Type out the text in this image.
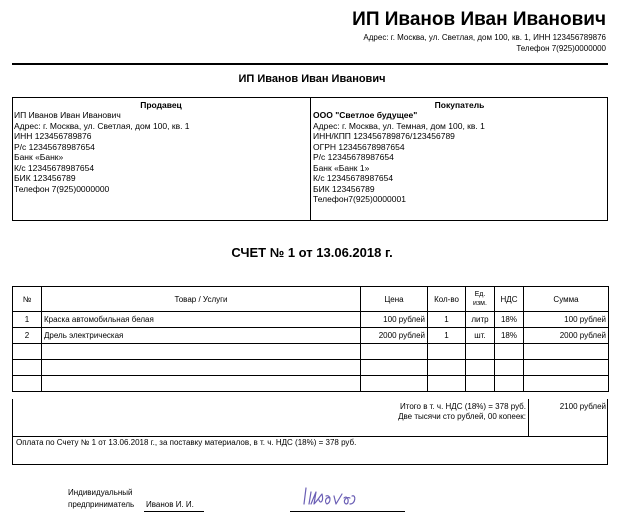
ИП Иванов Иван Иванович
Адрес: г. Москва, ул. Светлая, дом 100, кв. 1, ИНН 123456789876
Телефон 7(925)0000000
ИП Иванов Иван Иванович
Продавец
ИП Иванов Иван Иванович
Адрес: г. Москва, ул. Светлая, дом 100, кв. 1
ИНН 123456789876
Р/с 12345678987654
Банк «Банк»
К/с 12345678987654
БИК 123456789
Телефон 7(925)0000000
Покупатель
ООО "Светлое будущее"
Адрес: г. Москва, ул. Темная, дом 100, кв. 1
ИНН/КПП 123456789876/123456789
ОГРН 12345678987654
Р/с 12345678987654
Банк «Банк 1»
К/с 12345678987654
БИК 123456789
Телефон7(925)0000001
СЧЕТ № 1 от 13.06.2018 г.
№	Товар / Услуги	Цена	Кол-во	Ед. изм.	НДС	Сумма
1	Краска автомобильная белая	100 рублей	1	литр	18%	100 рублей
2	Дрель электрическая	2000 рублей	1	шт.	18%	2000 рублей

Итого в т. ч. НДС (18%) = 378 руб.
Две тысячи сто рублей, 00 копеек:
2100 рублей
Оплата по Счету № 1 от 13.06.2018 г., за поставку материалов, в т. ч. НДС (18%) = 378 руб.
Индивидуальный
предприниматель Иванов И. И.
